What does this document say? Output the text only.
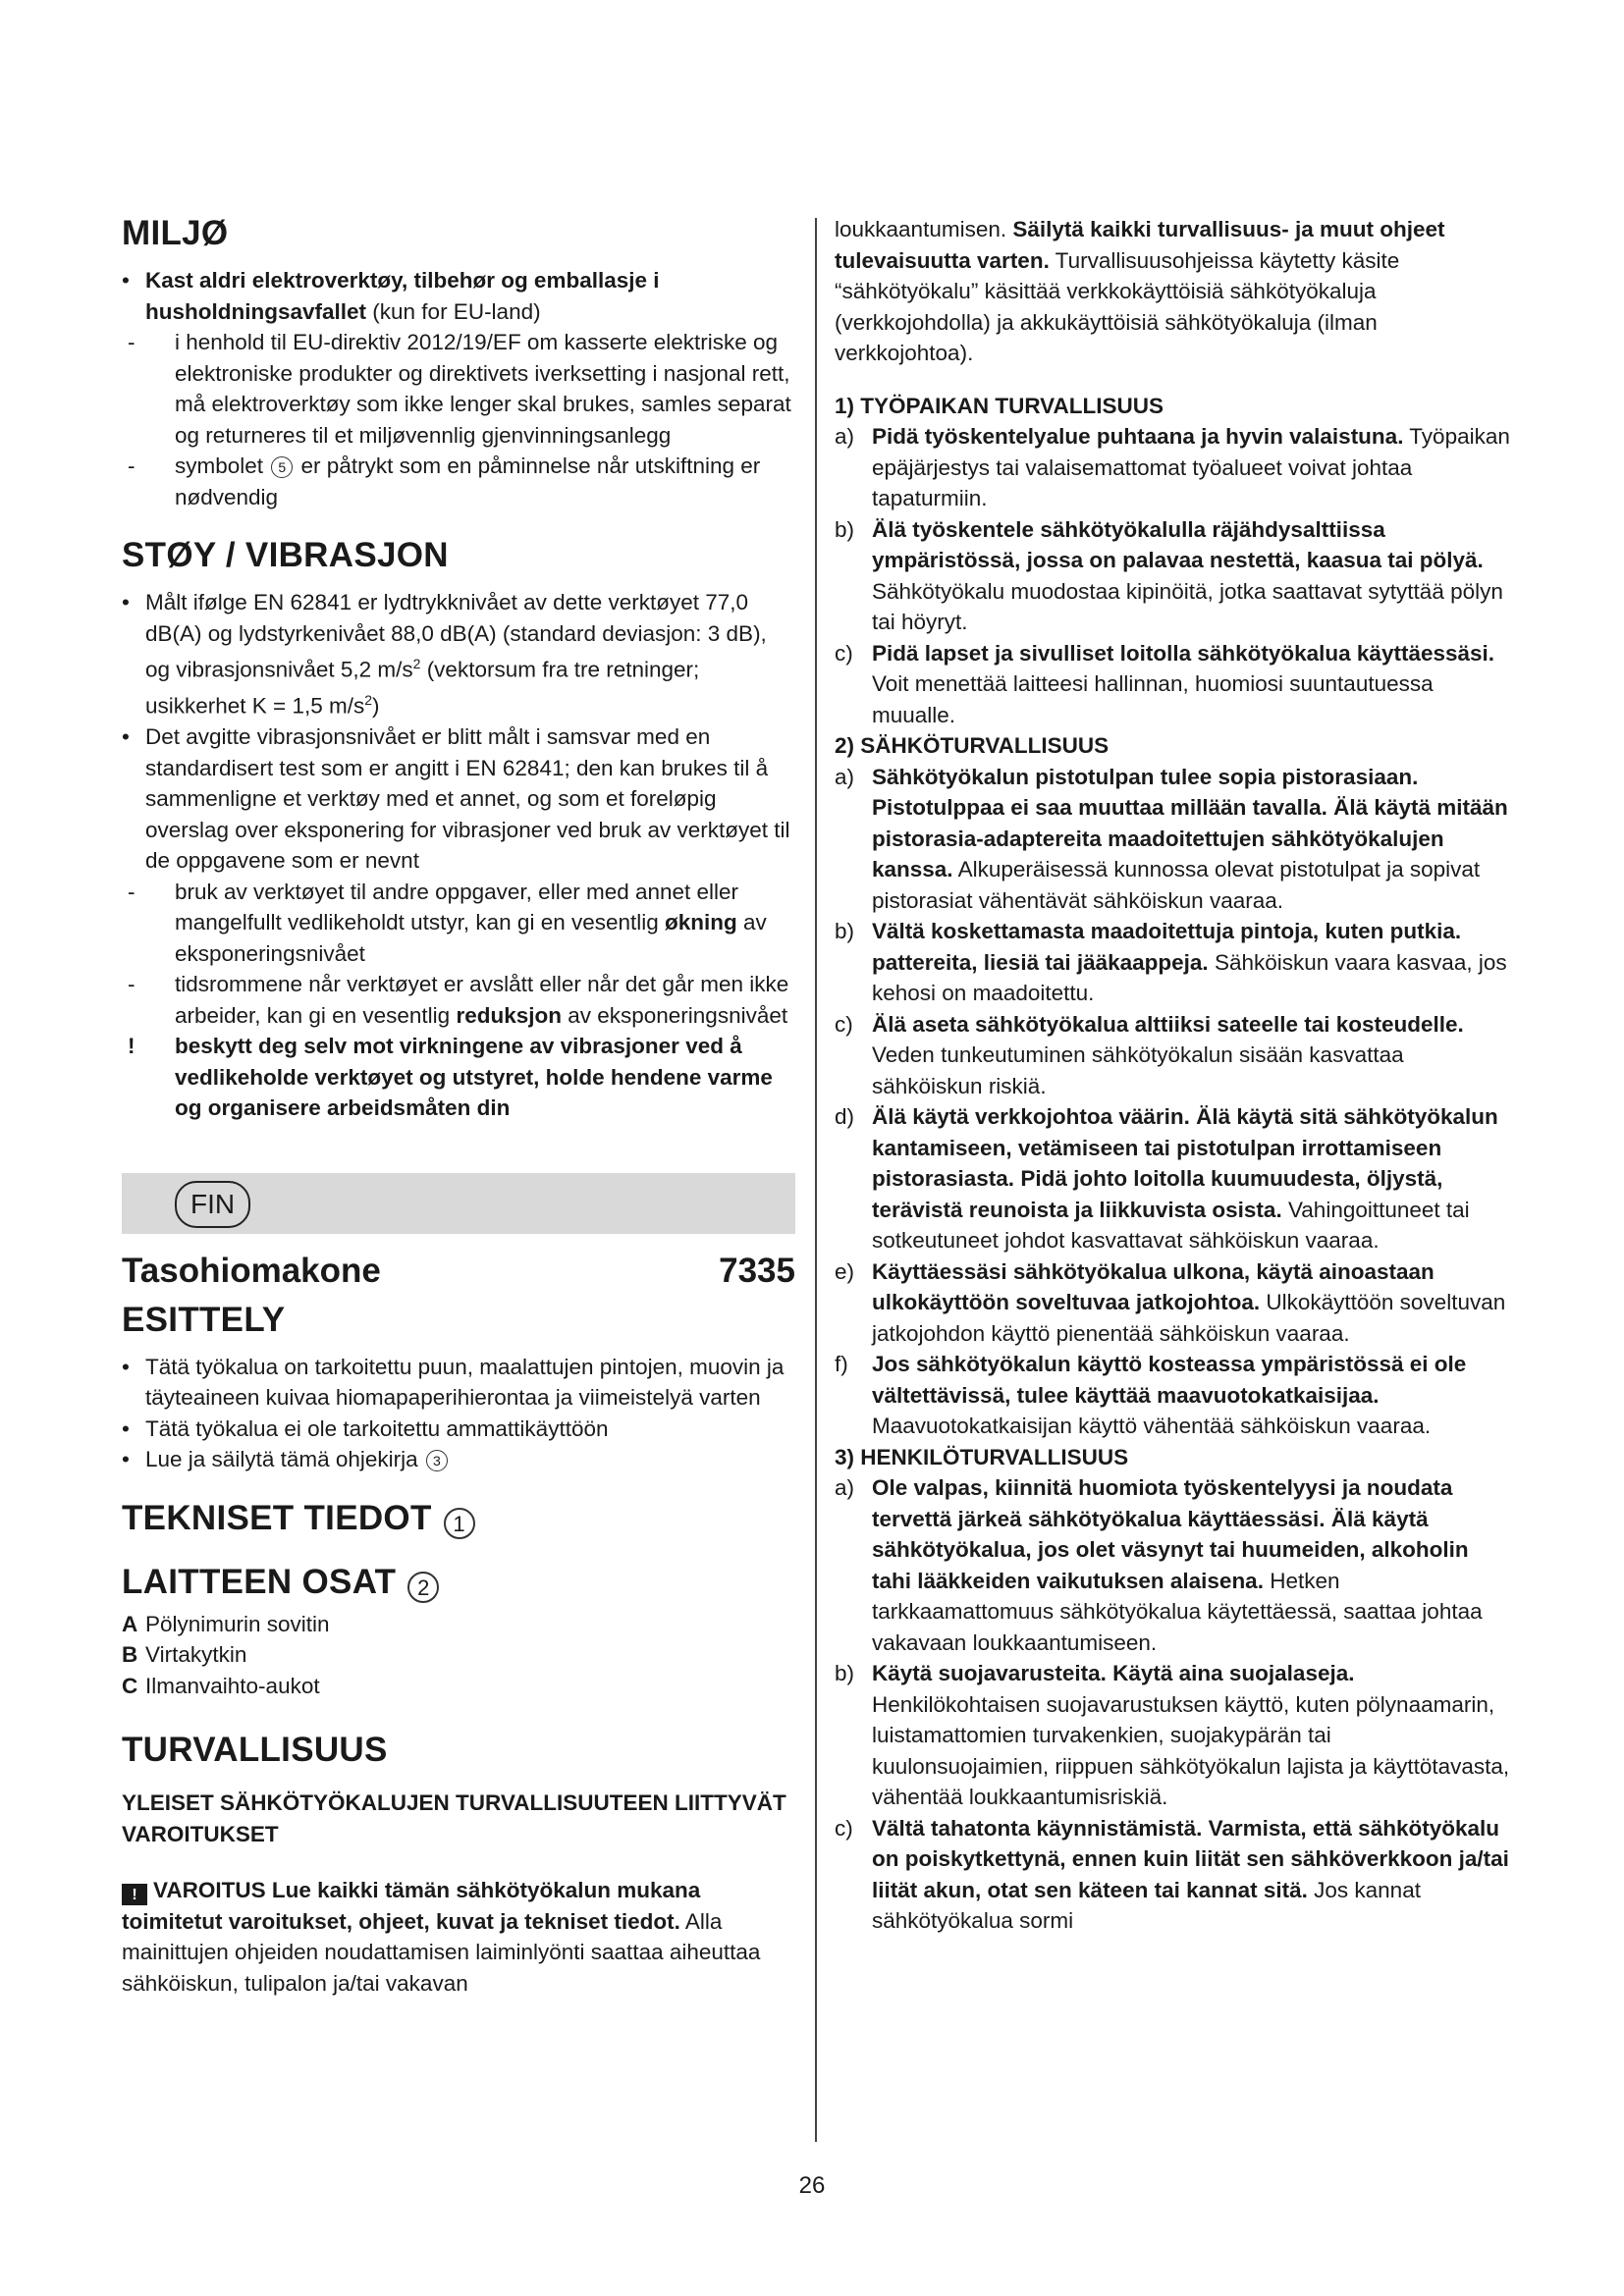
MILJØ
• Kast aldri elektroverktøy, tilbehør og emballasje i husholdningsavfallet (kun for EU-land)
- i henhold til EU-direktiv 2012/19/EF om kasserte elektriske og elektroniske produkter og direktivets iverksetting i nasjonal rett, må elektroverktøy som ikke lenger skal brukes, samles separat og returneres til et miljøvennlig gjenvinningsanlegg
- symbolet 5 er påtrykt som en påminnelse når utskiftning er nødvendig
STØY / VIBRASJON
• Målt ifølge EN 62841 er lydtrykknivået av dette verktøyet 77,0 dB(A) og lydstyrkenivået 88,0 dB(A) (standard deviasjon: 3 dB), og vibrasjonsnivået 5,2 $m/s^2$ (vektorsum fra tre retninger; usikkerhet K = 1,5 $m/s^2$)
• Det avgitte vibrasjonsnivået er blitt målt i samsvar med en standardisert test som er angitt i EN 62841; den kan brukes til å sammenligne et verktøy med et annet, og som et foreløpig overslag over eksponering for vibrasjoner ved bruk av verktøyet til de oppgavene som er nevnt
- bruk av verktøyet til andre oppgaver, eller med annet eller mangelfullt vedlikeholdt utstyr, kan gi en vesentlig økning av eksponeringsnivået
- tidsrommene når verktøyet er avslått eller når det går men ikke arbeider, kan gi en vesentlig reduksjon av eksponeringsnivået
! beskytt deg selv mot virkningene av vibrasjoner ved å vedlikeholde verktøyet og utstyret, holde hendene varme og organisere arbeidsmåten din
FIN
Tasohiomakone	7335
ESITTELY
• Tätä työkalua on tarkoitettu puun, maalattujen pintojen, muovin ja täyteaineen kuivaa hiomapaperihierontaa ja viimeistelyä varten
• Tätä työkalua ei ole tarkoitettu ammattikäyttöön
• Lue ja säilytä tämä ohjekirja 3
TEKNISET TIEDOT 1
LAITTEEN OSAT 2
A Pölynimurin sovitin
B Virtakytkin
C Ilmanvaihto-aukot
TURVALLISUUS
YLEISET SÄHKÖTYÖKALUJEN TURVALLISUUTEEN LIITTYVÄT VAROITUKSET
! VAROITUS Lue kaikki tämän sähkötyökalun mukana toimitetut varoitukset, ohjeet, kuvat ja tekniset tiedot. Alla mainittujen ohjeiden noudattamisen laiminlyönti saattaa aiheuttaa sähköiskun, tulipalon ja/tai vakavan
loukkaantumisen. Säilytä kaikki turvallisuus- ja muut ohjeet tulevaisuutta varten. Turvallisuusohjeissa käytetty käsite “sähkötyökalu” käsittää verkkokäyttöisiä sähkötyökaluja (verkkojohdolla) ja akkukäyttöisiä sähkötyökaluja (ilman verkkojohtoa).
1) TYÖPAIKAN TURVALLISUUS
a) Pidä työskentelyalue puhtaana ja hyvin valaistuna. Työpaikan epäjärjestys tai valaisemattomat työalueet voivat johtaa tapaturmiin.
b) Älä työskentele sähkötyökalulla räjähdysalttiissa ympäristössä, jossa on palavaa nestettä, kaasua tai pölyä. Sähkötyökalu muodostaa kipinöitä, jotka saattavat sytyttää pölyn tai höyryt.
c) Pidä lapset ja sivulliset loitolla sähkötyökalua käyttäessäsi. Voit menettää laitteesi hallinnan, huomiosi suuntautuessa muualle.
2) SÄHKÖTURVALLISUUS
a) Sähkötyökalun pistotulpan tulee sopia pistorasiaan. Pistotulppaa ei saa muuttaa millään tavalla. Älä käytä mitään pistorasia-adaptereita maadoitettujen sähkötyökalujen kanssa. Alkuperäisessä kunnossa olevat pistotulpat ja sopivat pistorasiat vähentävät sähköiskun vaaraa.
b) Vältä koskettamasta maadoitettuja pintoja, kuten putkia. pattereita, liesiä tai jääkaappeja. Sähköiskun vaara kasvaa, jos kehosi on maadoitettu.
c) Älä aseta sähkötyökalua alttiiksi sateelle tai kosteudelle. Veden tunkeutuminen sähkötyökalun sisään kasvattaa sähköiskun riskiä.
d) Älä käytä verkkojohtoa väärin. Älä käytä sitä sähkötyökalun kantamiseen, vetämiseen tai pistotulpan irrottamiseen pistorasiasta. Pidä johto loitolla kuumuudesta, öljystä, terävistä reunoista ja liikkuvista osista. Vahingoittuneet tai sotkeutuneet johdot kasvattavat sähköiskun vaaraa.
e) Käyttäessäsi sähkötyökalua ulkona, käytä ainoastaan ulkokäyttöön soveltuvaa jatkojohtoa. Ulkokäyttöön soveltuvan jatkojohdon käyttö pienentää sähköiskun vaaraa.
f) Jos sähkötyökalun käyttö kosteassa ympäristössä ei ole vältettävissä, tulee käyttää maavuotokatkaisijaa. Maavuotokatkaisijan käyttö vähentää sähköiskun vaaraa.
3) HENKILÖTURVALLISUUS
a) Ole valpas, kiinnitä huomiota työskentelyysi ja noudata tervettä järkeä sähkötyökalua käyttäessäsi. Älä käytä sähkötyökalua, jos olet väsynyt tai huumeiden, alkoholin tahi lääkkeiden vaikutuksen alaisena. Hetken tarkkaamattomuus sähkötyökalua käytettäessä, saattaa johtaa vakavaan loukkaantumiseen.
b) Käytä suojavarusteita. Käytä aina suojalaseja. Henkilökohtaisen suojavarustuksen käyttö, kuten pölynaamarin, luistamattomien turvakenkien, suojakypärän tai kuulonsuojaimien, riippuen sähkötyökalun lajista ja käyttötavasta, vähentää loukkaantumisriskiä.
c) Vältä tahatonta käynnistämistä. Varmista, että sähkötyökalu on poiskytkettynä, ennen kuin liität sen sähköverkkoon ja/tai liität akun, otat sen käteen tai kannat sitä. Jos kannat sähkötyökalua sormi
26
